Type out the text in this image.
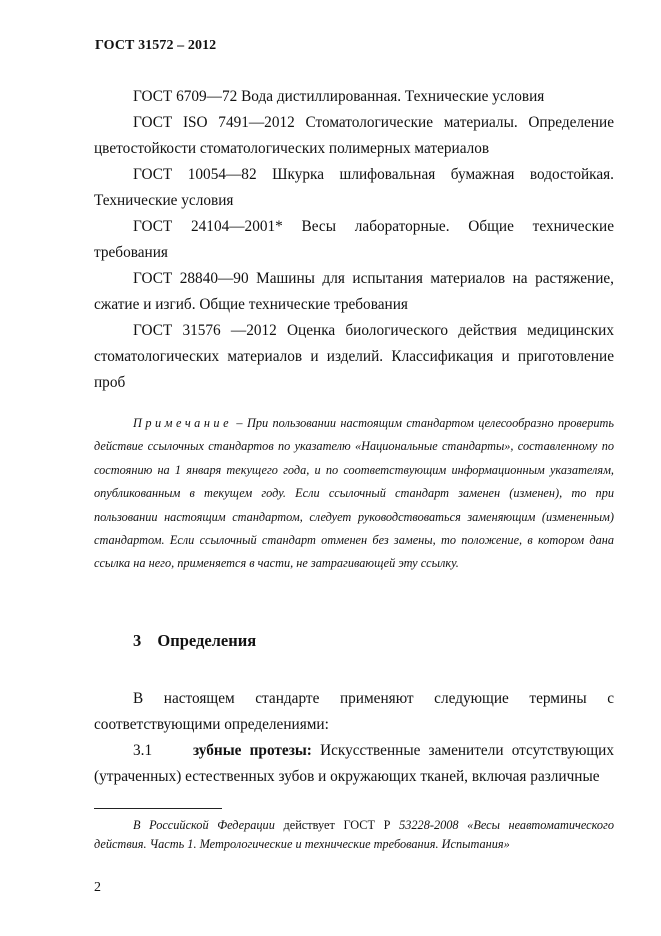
ГОСТ 31572 – 2012

ГОСТ 6709—72 Вода дистиллированная. Технические условия

ГОСТ ISO 7491—2012 Стоматологические материалы. Определение цветостойкости стоматологических полимерных материалов

ГОСТ 10054—82 Шкурка шлифовальная бумажная водостойкая. Технические условия

ГОСТ 24104—2001* Весы лабораторные. Общие технические требования

ГОСТ 28840—90 Машины для испытания материалов на растяжение, сжатие и изгиб. Общие технические требования

ГОСТ 31576 —2012 Оценка биологического действия медицинских стоматологических материалов и изделий. Классификация и приготовление проб

Примечание – При пользовании настоящим стандартом целесообразно проверить действие ссылочных стандартов по указателю «Национальные стандарты», составленному по состоянию на 1 января текущего года, и по соответствующим информационным указателям, опубликованным в текущем году. Если ссылочный стандарт заменен (изменен), то при пользовании настоящим стандартом, следует руководствоваться заменяющим (измененным) стандартом. Если ссылочный стандарт отменен без замены, то положение, в котором дана ссылка на него, применяется в части, не затрагивающей эту ссылку.

3 Определения

В настоящем стандарте применяют следующие термины с соответствующими определениями:

3.1	зубные протезы: Искусственные заменители отсутствующих (утраченных) естественных зубов и окружающих тканей, включая различные

В Российской Федерации действует ГОСТ Р 53228-2008 «Весы неавтоматического действия. Часть 1. Метрологические и технические требования. Испытания»

2
